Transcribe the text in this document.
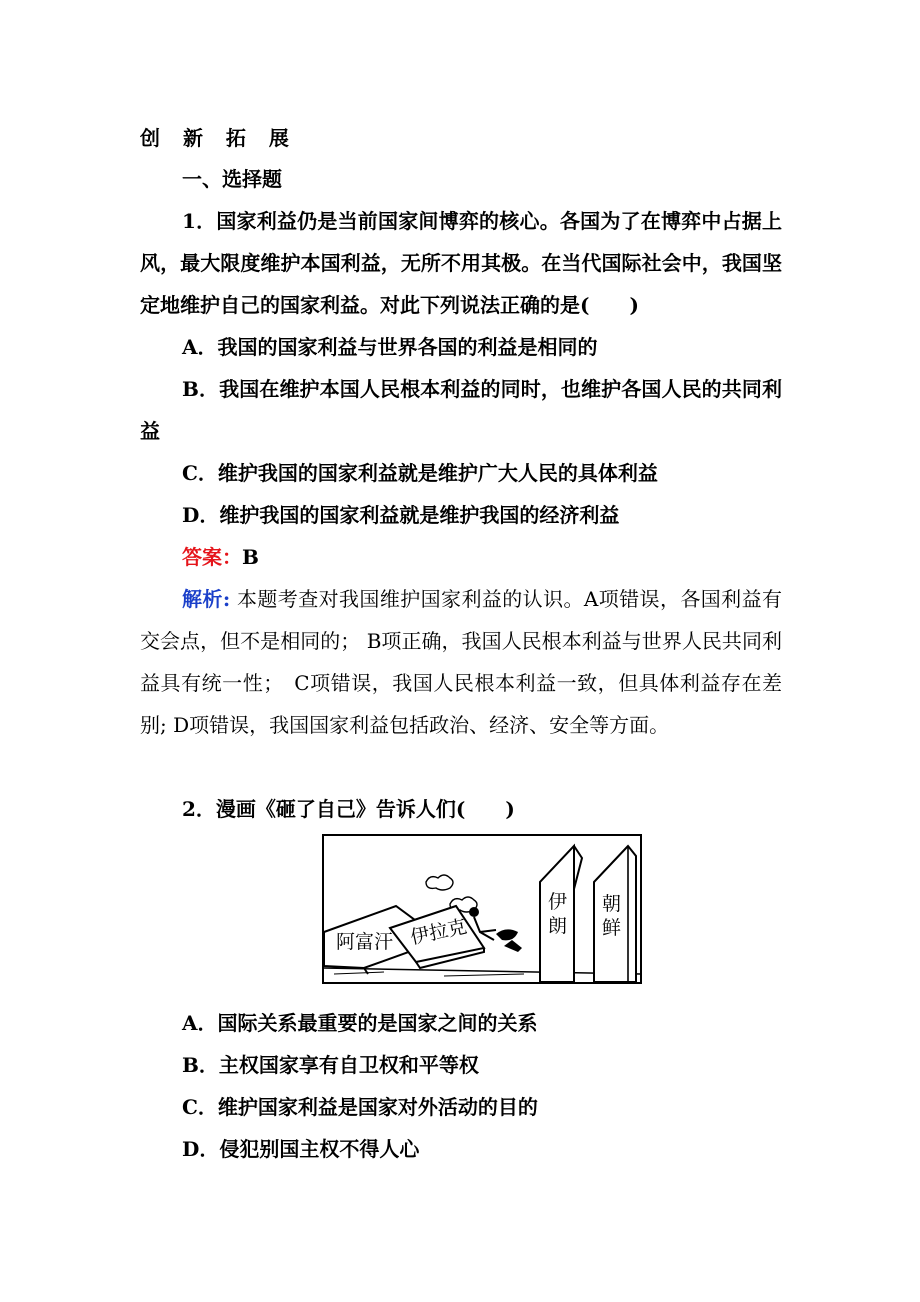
创 新 拓 展
一、选择题
1．国家利益仍是当前国家间博弈的核心。各国为了在博弈中占据上风，最大限度维护本国利益，无所不用其极。在当代国际社会中，我国坚定地维护自己的国家利益。对此下列说法正确的是(　　)
A．我国的国家利益与世界各国的利益是相同的
B．我国在维护本国人民根本利益的同时，也维护各国人民的共同利益
C．维护我国的国家利益就是维护广大人民的具体利益
D．维护我国的国家利益就是维护我国的经济利益
答案：B
解析: 本题考查对我国维护国家利益的认识。A项错误，各国利益有交会点，但不是相同的； B项正确，我国人民根本利益与世界人民共同利益具有统一性；　C项错误，我国人民根本利益一致，但具体利益存在差别; D项错误，我国国家利益包括政治、经济、安全等方面。
2．漫画《砸了自己》告诉人们(　　)
阿富汗 伊拉克
伊
朗
朝
鲜
A．国际关系最重要的是国家之间的关系
B．主权国家享有自卫权和平等权
C．维护国家利益是国家对外活动的目的
D．侵犯别国主权不得人心
